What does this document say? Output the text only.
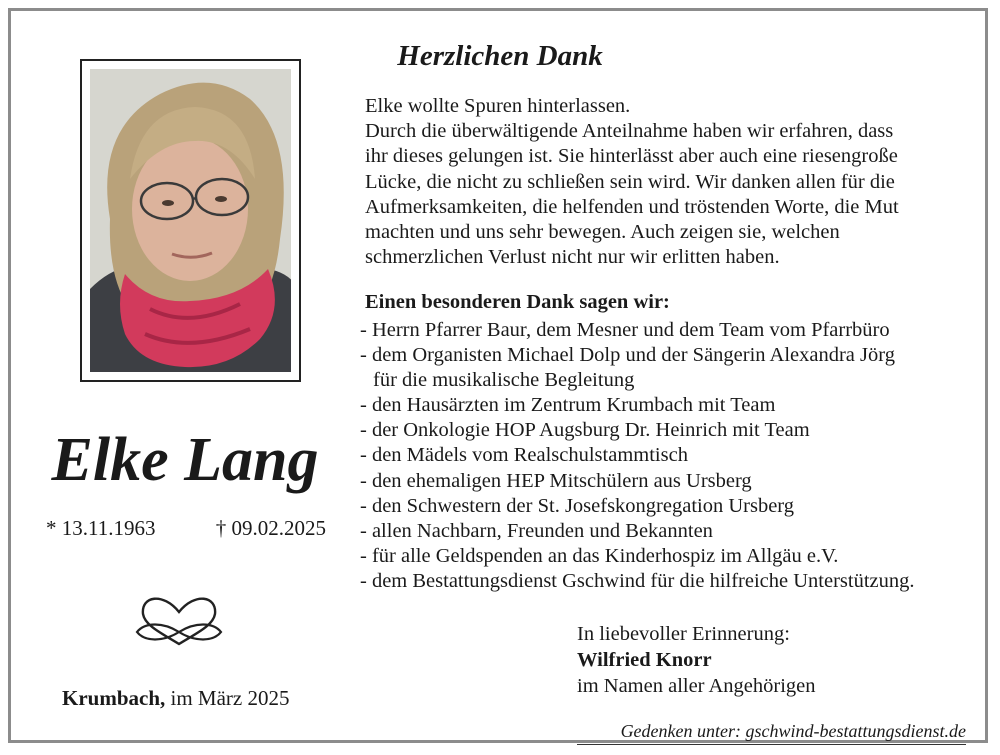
Elke Lang
* 13.11.1963	† 09.02.2025
Krumbach, im März 2025
Herzlichen Dank
Elke wollte Spuren hinterlassen.
Durch die überwältigende Anteilnahme haben wir erfahren, dass
ihr dieses gelungen ist. Sie hinterlässt aber auch eine riesengroße
Lücke, die nicht zu schließen sein wird. Wir danken allen für die
Aufmerksamkeiten, die helfenden und tröstenden Worte, die Mut
machten und uns sehr bewegen. Auch zeigen sie, welchen
schmerzlichen Verlust nicht nur wir erlitten haben.
Einen besonderen Dank sagen wir:
- Herrn Pfarrer Baur, dem Mesner und dem Team vom Pfarrbüro
- dem Organisten Michael Dolp und der Sängerin Alexandra Jörg
für die musikalische Begleitung
- den Hausärzten im Zentrum Krumbach mit Team
- der Onkologie HOP Augsburg Dr. Heinrich mit Team
- den Mädels vom Realschulstammtisch
- den ehemaligen HEP Mitschülern aus Ursberg
- den Schwestern der St. Josefskongregation Ursberg
- allen Nachbarn, Freunden und Bekannten
- für alle Geldspenden an das Kinderhospiz im Allgäu e.V.
- dem Bestattungsdienst Gschwind für die hilfreiche Unterstützung.
In liebevoller Erinnerung:
Wilfried Knorr
im Namen aller Angehörigen
Gedenken unter: gschwind-bestattungsdienst.de
